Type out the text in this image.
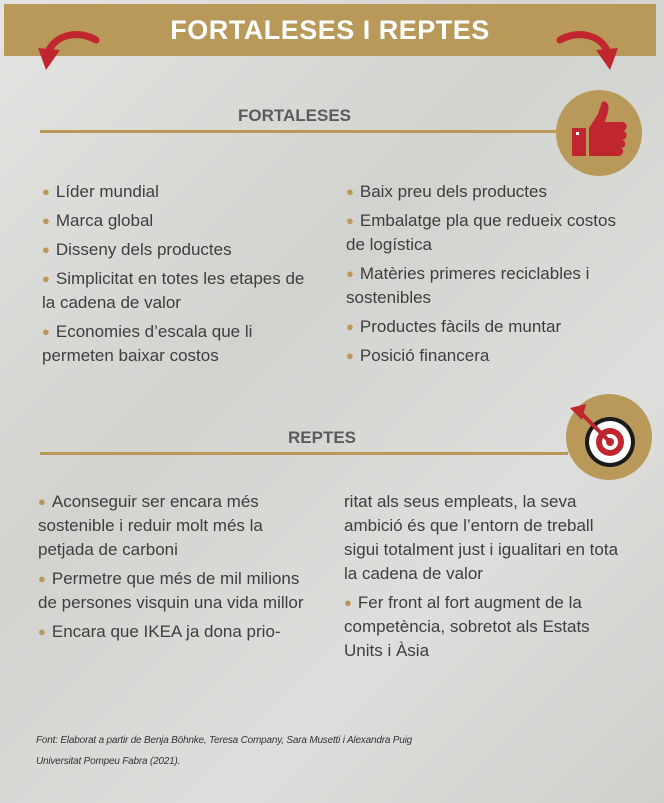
FORTALESES I REPTES
FORTALESES
● Líder mundial
● Marca global
● Disseny dels productes
● Simplicitat en totes les etapes de la cadena de valor
● Economies d’escala que li permeten baixar costos
● Baix preu dels productes
● Embalatge pla que redueix costos de logística
● Matèries primeres reciclables i sostenibles
● Productes fàcils de muntar
● Posició financera
REPTES
● Aconseguir ser encara més sostenible i reduir molt més la petjada de carboni
● Permetre que més de mil milions de persones visquin una vida millor
● Encara que IKEA ja dona prio-
ritat als seus empleats, la seva ambició és que l’entorn de treball sigui totalment just i igualitari en tota la cadena de valor
● Fer front al fort augment de la competència, sobretot als Estats Units i Àsia
Font: Elaborat a partir de Benja Böhnke, Teresa Company, Sara Musetti i Alexandra Puig
Universitat Pompeu Fabra (2021).
